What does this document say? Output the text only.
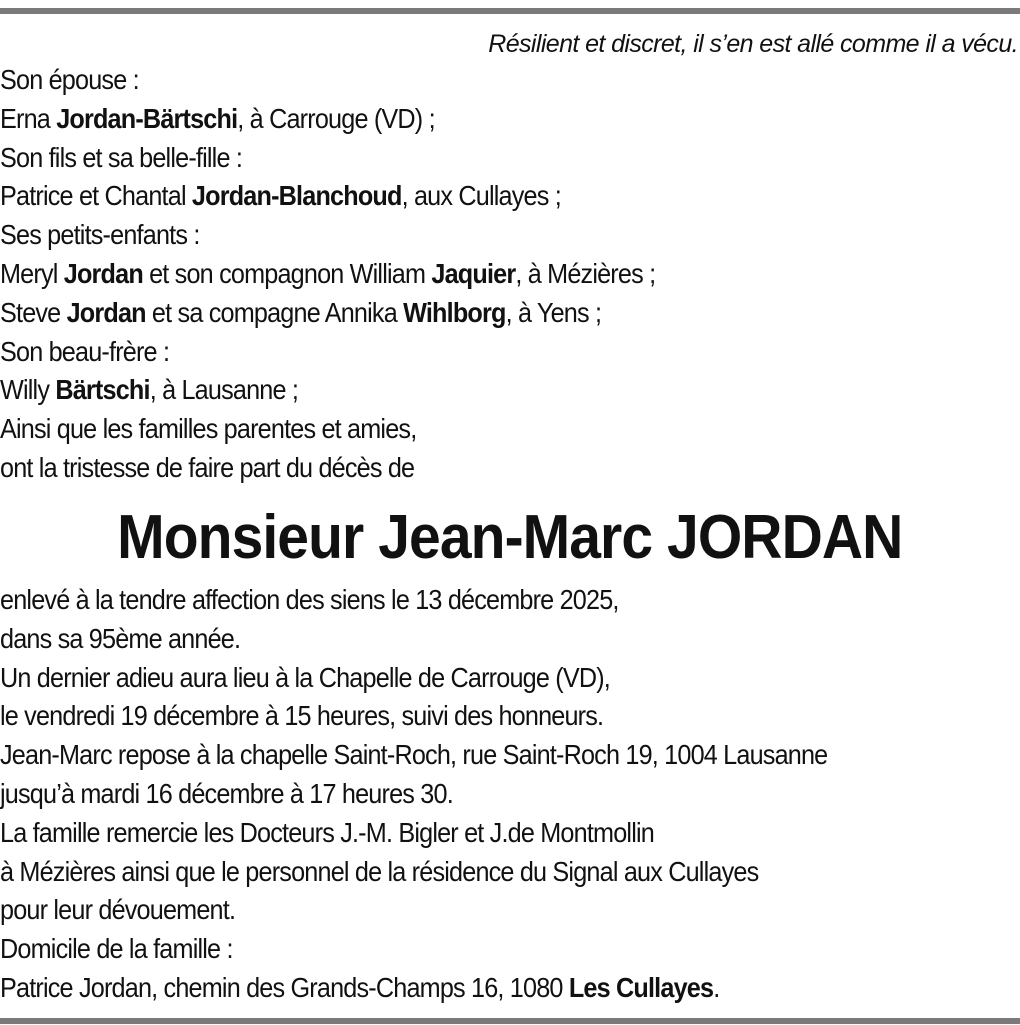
Résilient et discret, il s’en est allé comme il a vécu.
Son épouse :
Erna Jordan-Bärtschi, à Carrouge (VD) ;
Son fils et sa belle-fille :
Patrice et Chantal Jordan-Blanchoud, aux Cullayes ;
Ses petits-enfants :
Meryl Jordan et son compagnon William Jaquier, à Mézières ;
Steve Jordan et sa compagne Annika Wihlborg, à Yens ;
Son beau-frère :
Willy Bärtschi, à Lausanne ;
Ainsi que les familles parentes et amies,
ont la tristesse de faire part du décès de
Monsieur Jean-Marc JORDAN
enlevé à la tendre affection des siens le 13 décembre 2025,
dans sa 95ème année.
Un dernier adieu aura lieu à la Chapelle de Carrouge (VD),
le vendredi 19 décembre à 15 heures, suivi des honneurs.
Jean-Marc repose à la chapelle Saint-Roch, rue Saint-Roch 19, 1004 Lausanne
jusqu’à mardi 16 décembre à 17 heures 30.
La famille remercie les Docteurs J.-M. Bigler et J.de Montmollin
à Mézières ainsi que le personnel de la résidence du Signal aux Cullayes
pour leur dévouement.
Domicile de la famille :
Patrice Jordan, chemin des Grands-Champs 16, 1080 Les Cullayes.
